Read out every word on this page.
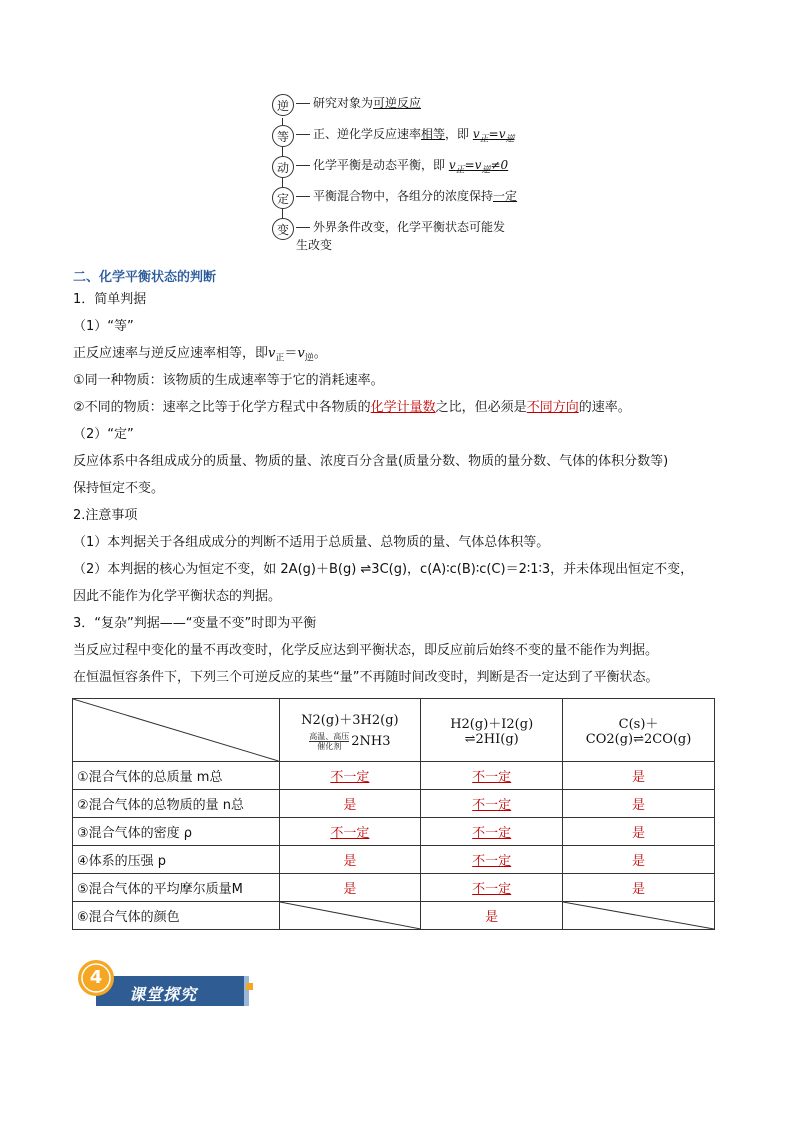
逆	研究对象为可逆反应
等	正、逆化学反应速率相等，即 $v_正=v_逆$
动	化学平衡是动态平衡，即 $v_正=v_逆\ne 0$
定	平衡混合物中，各组分的浓度保持一定
变	外界条件改变，化学平衡状态可能发生改变
二、化学平衡状态的判断
1．简单判据
（1）“等”
正反应速率与逆反应速率相等，即$v_正=v_逆$。
①同一种物质：该物质的生成速率等于它的消耗速率。
②不同的物质：速率之比等于化学方程式中各物质的化学计量数之比，但必须是不同方向的速率。
（2）“定”
反应体系中各组成成分的质量、物质的量、浓度百分含量(质量分数、物质的量分数、气体的体积分数等)
保持恒定不变。
2.注意事项
（1）本判据关于各组成成分的判断不适用于总质量、总物质的量、气体总体积等。
（2）本判据的核心为恒定不变，如 2A(g)＋B(g) ⇌3C(g)，c(A)∶c(B)∶c(C)＝2∶1∶3，并未体现出恒定不变，
因此不能作为化学平衡状态的判据。
3．“复杂”判据——“变量不变”时即为平衡
当反应过程中变化的量不再改变时，化学反应达到平衡状态，即反应前后始终不变的量不能作为判据。
在恒温恒容条件下，下列三个可逆反应的某些“量”不再随时间改变时，判断是否一定达到了平衡状态。

N2(g)＋3H2(g)
高温、高压
催化剂 2NH3	H2(g)＋I2(g) ⇌2HI(g)	C(s)＋CO2(g)⇌2CO(g)
①混合气体的总质量 m总	不一定	不一定	是
②混合气体的总物质的量 n总	是	不一定	是
③混合气体的密度 ρ	不一定	不一定	是
④体系的压强 p	是	不一定	是
⑤混合气体的平均摩尔质量M	是	不一定	是
⑥混合气体的颜色		是	
4
课堂探究
